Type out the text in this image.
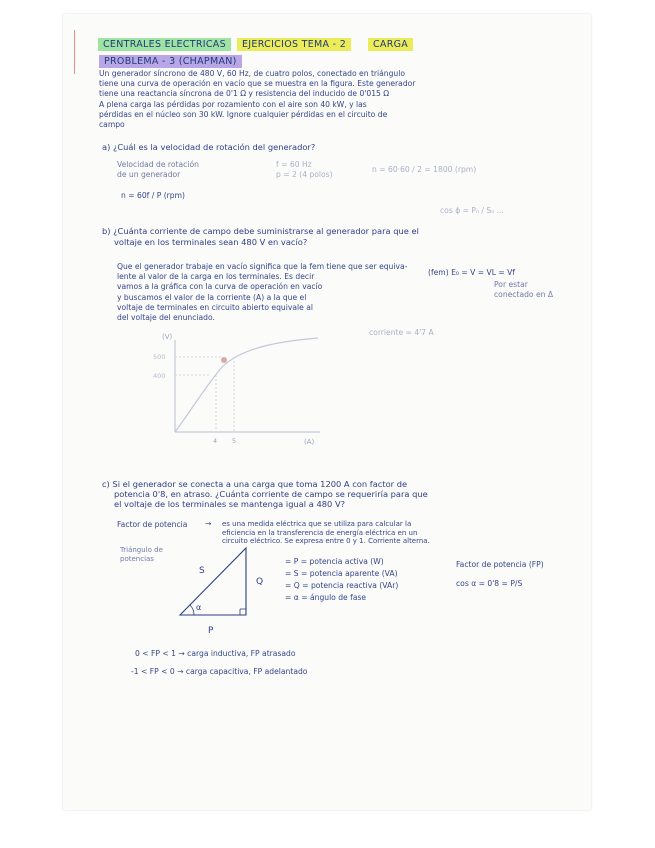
CENTRALES ELECTRICAS	EJERCICIOS TEMA - 2	CARGA
PROBLEMA - 3 (CHAPMAN)
Un generador síncrono de 480 V, 60 Hz, de cuatro polos, conectado en triángulo
tiene una curva de operación en vacío que se muestra en la figura. Este generador
tiene una reactancia síncrona de 0'1 Ω y resistencia del inducido de 0'015 Ω
A plena carga las pérdidas por rozamiento con el aire son 40 kW, y las
pérdidas en el núcleo son 30 kW. Ignore cualquier pérdidas en el circuito de
campo
a) ¿Cuál es la velocidad de rotación del generador?
Velocidad de rotación
de un generador
n = 60f / P (rpm)
f = 60 Hz
p = 2 (4 polos)
n = 60·60 / 2 = 1800 (rpm)
cos ɸ = Pₙ / Sₙ ...
b) ¿Cuánta corriente de campo debe suministrarse al generador para que el
voltaje en los terminales sean 480 V en vacío?
Que el generador trabaje en vacío significa que la fem tiene que ser equiva-
lente al valor de la carga en los terminales. Es decir
vamos a la gráfica con la curva de operación en vacío
y buscamos el valor de la corriente (A) a la que el
voltaje de terminales en circuito abierto equivale al
del voltaje del enunciado.
(fem) E₀ = V = VL = Vf
Por estar
conectado en Δ
corriente ≈ 4'7 A
(V)
(A)
500
400
4 5
c) Si el generador se conecta a una carga que toma 1200 A con factor de
potencia 0'8, en atraso. ¿Cuánta corriente de campo se requeriría para que
el voltaje de los terminales se mantenga igual a 480 V?
Factor de potencia → es una medida eléctrica que se utiliza para calcular la
eficiencia en la transferencia de energía eléctrica en un
circuito eléctrico. Se expresa entre 0 y 1. Corriente alterna.
Triángulo de
potencias
S
Q
P
α
= P = potencia activa (W)
= S = potencia aparente (VA)
= Q = potencia reactiva (VAr)
= α = ángulo de fase
Factor de potencia (FP)
cos α = 0'8 = P/S
0 < FP < 1 → carga inductiva, FP atrasado
-1 < FP < 0 → carga capacitiva, FP adelantado
